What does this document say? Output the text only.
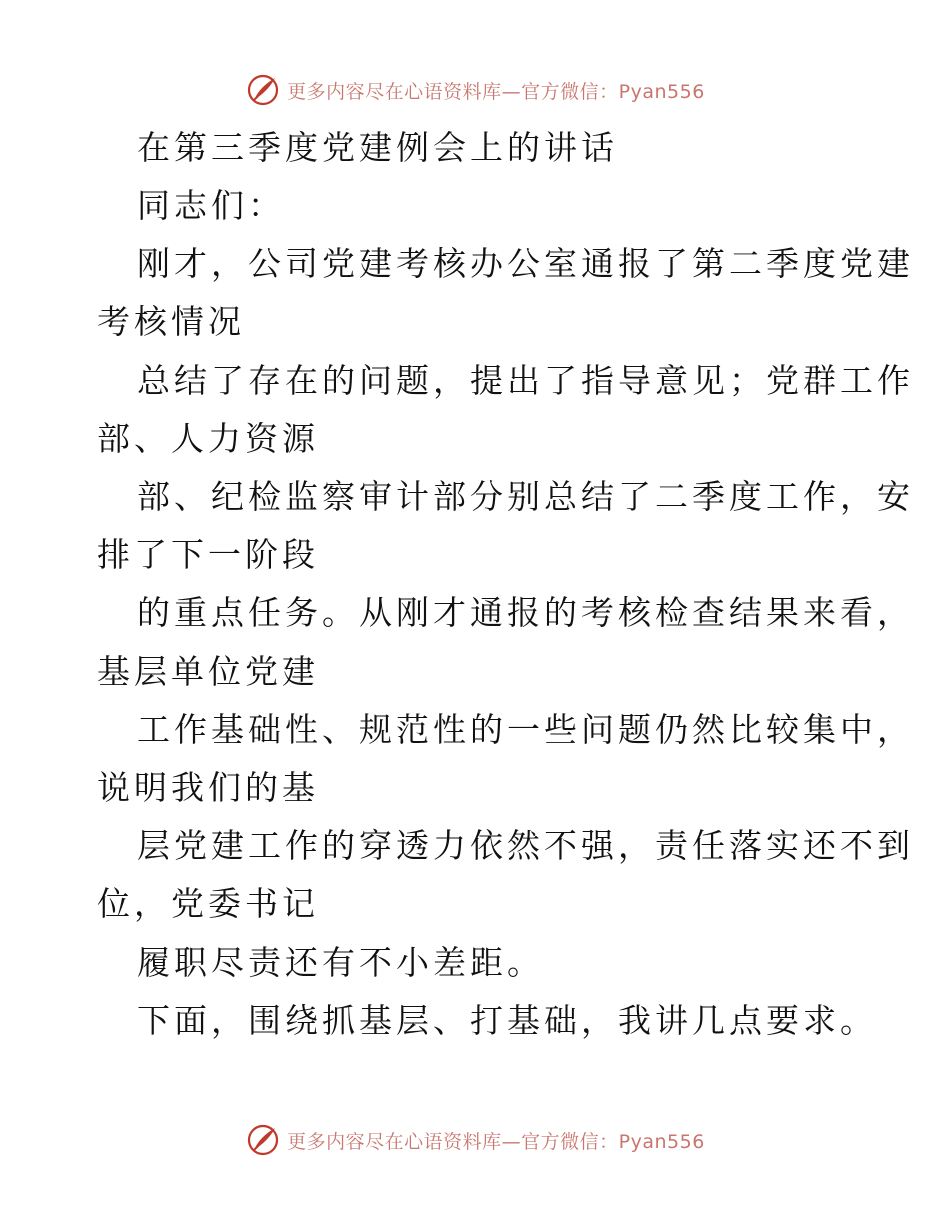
更多内容尽在心语资料库—官方微信：Pyan556
在第三季度党建例会上的讲话
同志们：
刚才，公司党建考核办公室通报了第二季度党建
考核情况
总结了存在的问题，提出了指导意见；党群工作
部、人力资源
部、纪检监察审计部分别总结了二季度工作，安
排了下一阶段
的重点任务。从刚才通报的考核检查结果来看，
基层单位党建
工作基础性、规范性的一些问题仍然比较集中，
说明我们的基
层党建工作的穿透力依然不强，责任落实还不到
位，党委书记
履职尽责还有不小差距。
下面，围绕抓基层、打基础，我讲几点要求。
更多内容尽在心语资料库—官方微信：Pyan556
